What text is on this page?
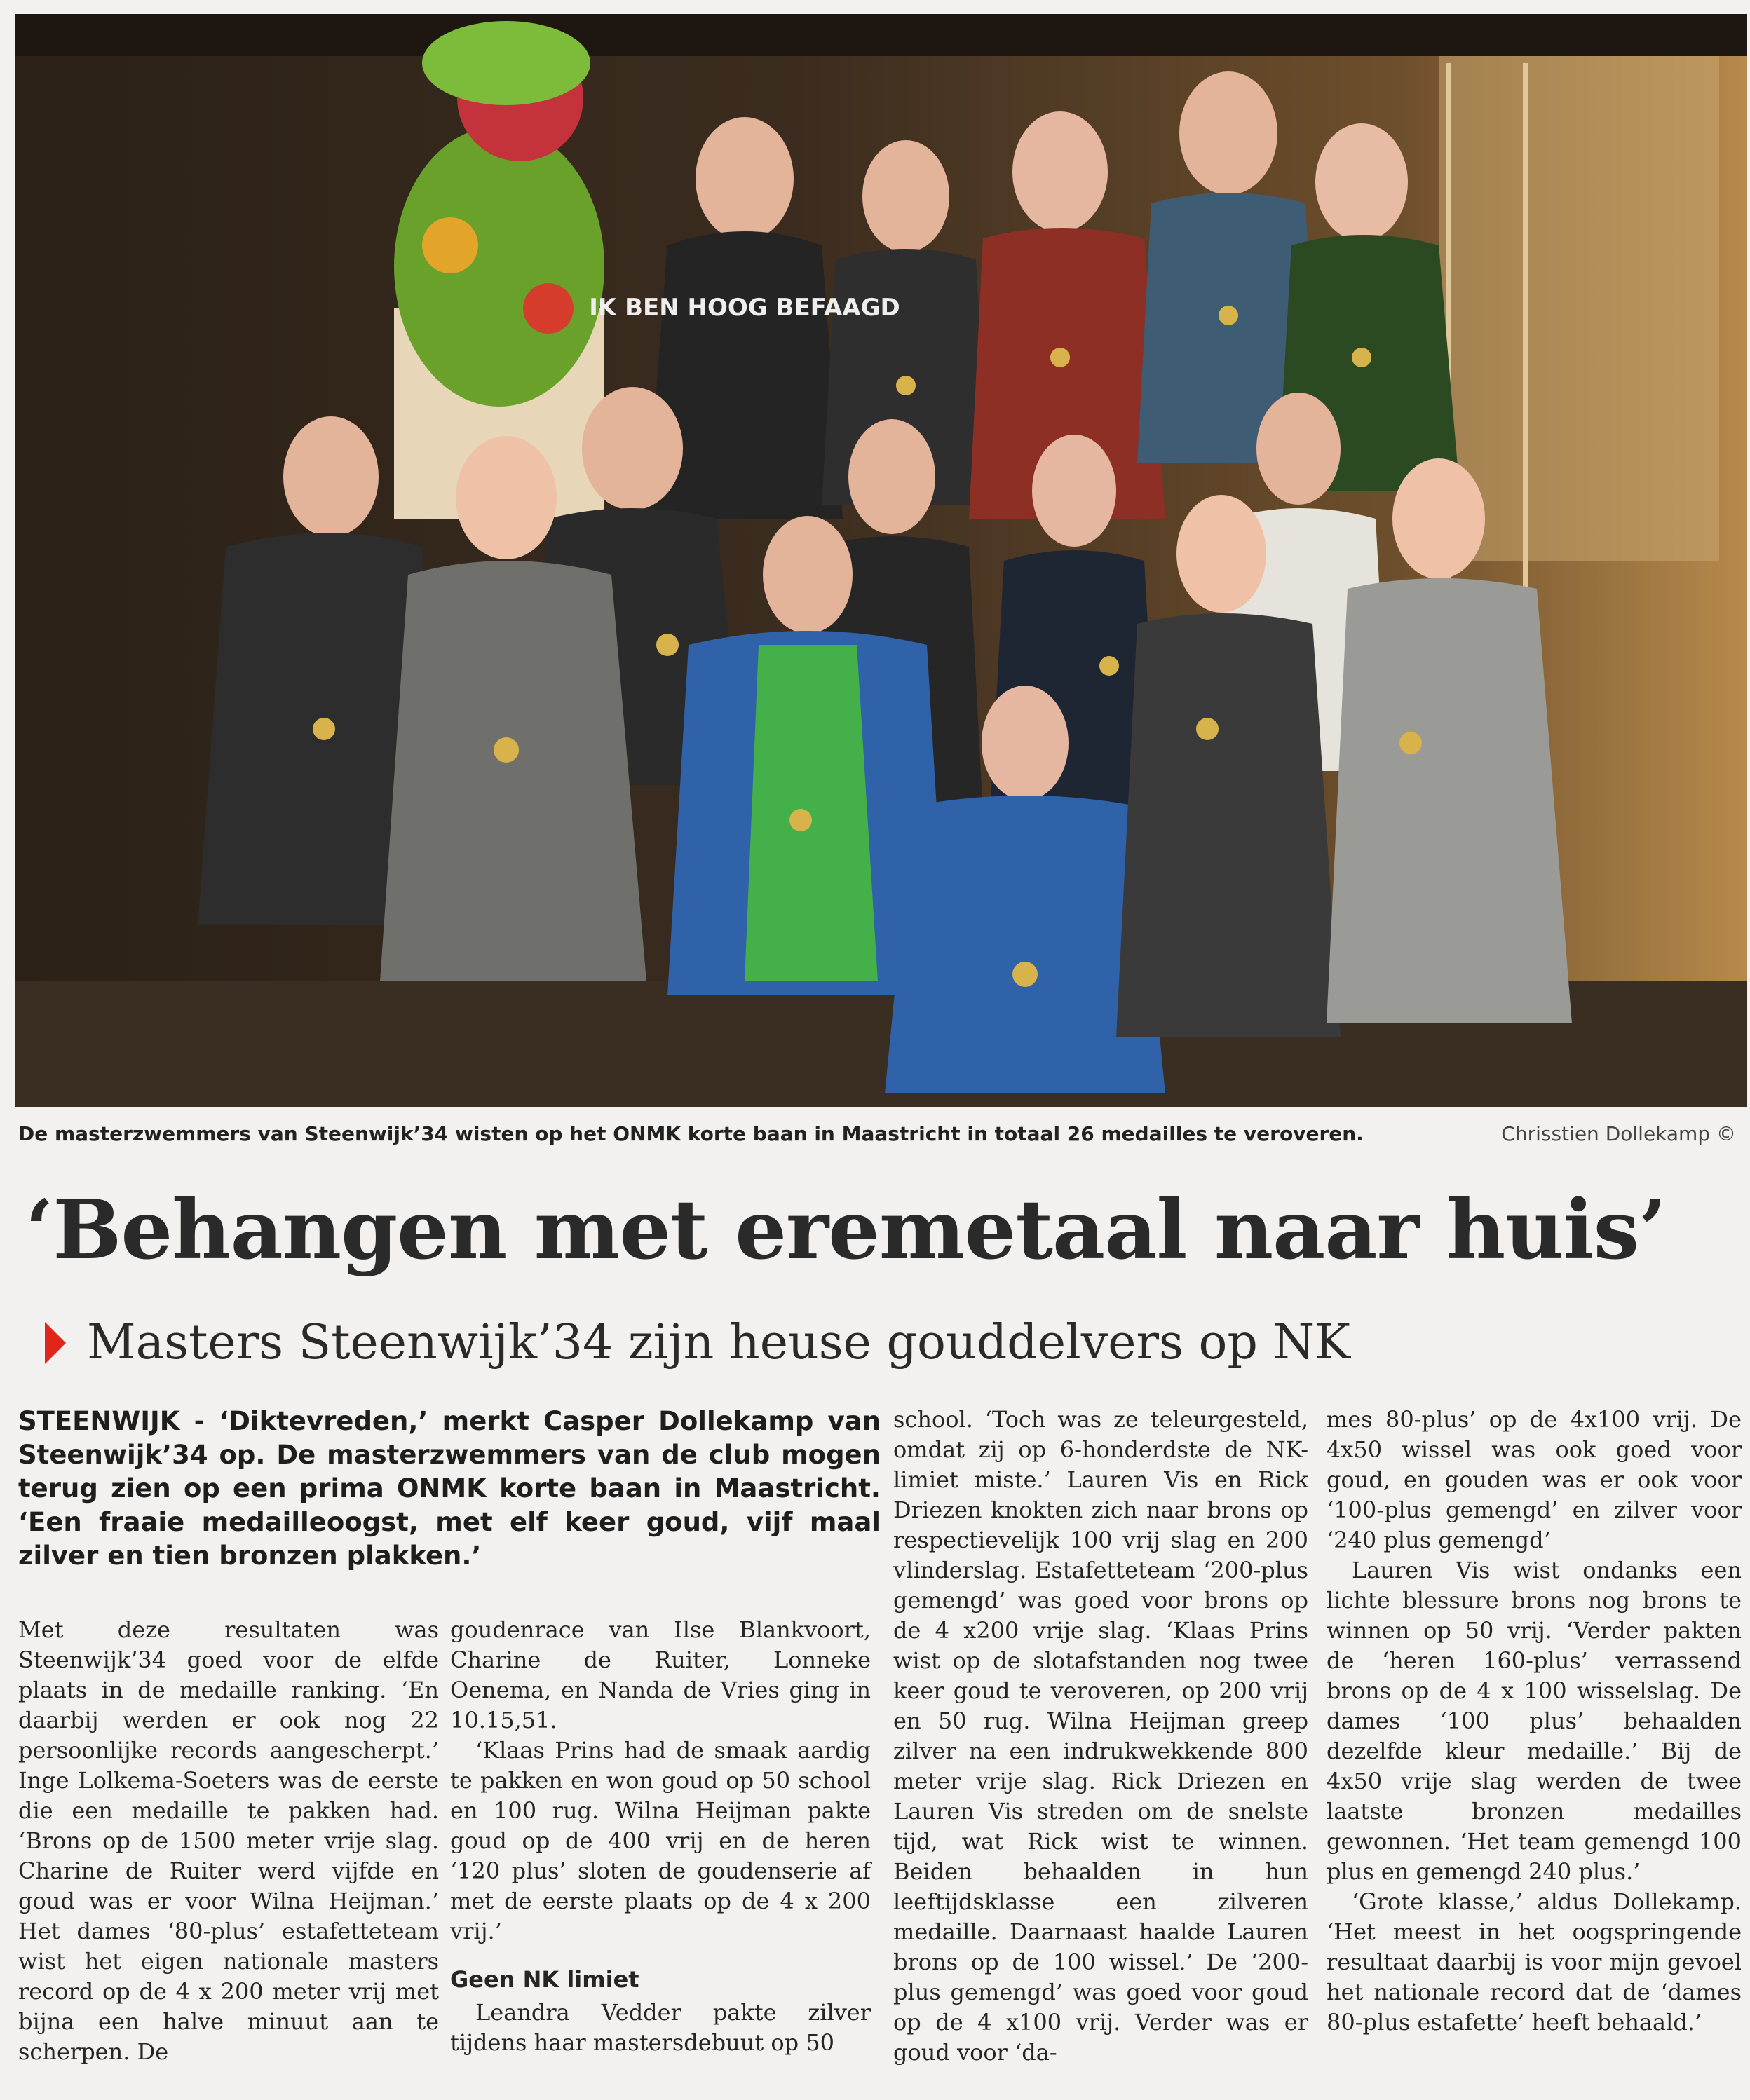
IK BEN HOOG BEFAAGD
De masterzwemmers van Steenwijk’34 wisten op het ONMK korte baan in Maastricht in totaal 26 medailles te veroveren.	Chrisstien Dollekamp ©
‘Behangen met eremetaal naar huis’
Masters Steenwijk’34 zijn heuse gouddelvers op NK
STEENWIJK - ‘Diktevreden,’ merkt Casper Dollekamp van Steenwijk’34 op. De masterzwemmers van de club mogen terug zien op een prima ONMK korte baan in Maastricht. ‘Een fraaie medailleoogst, met elf keer goud, vijf maal zilver en tien bronzen plakken.’

Met deze resultaten was Steenwijk’34 goed voor de elfde plaats in de medaille ranking. ‘En daarbij werden er ook nog 22 persoonlijke records aangescherpt.’ Inge Lolkema-Soeters was de eerste die een medaille te pakken had. ‘Brons op de 1500 meter vrije slag. Charine de Ruiter werd vijfde en goud was er voor Wilna Heijman.’ Het dames ‘80-plus’ estafetteteam wist het eigen nationale masters record op de 4 x 200 meter vrij met bijna een halve minuut aan te scherpen. De

goudenrace van Ilse Blankvoort, Charine de Ruiter, Lonneke Oenema, en Nanda de Vries ging in 10.15,51.

‘Klaas Prins had de smaak aardig te pakken en won goud op 50 school en 100 rug. Wilna Heijman pakte goud op de 400 vrij en de heren ‘120 plus’ sloten de goudenserie af met de eerste plaats op de 4 x 200 vrij.’

Geen NK limiet

Leandra Vedder pakte zilver tijdens haar mastersdebuut op 50

school. ‘Toch was ze teleurgesteld, omdat zij op 6-honderdste de NK-limiet miste.’ Lauren Vis en Rick Driezen knokten zich naar brons op respectievelijk 100 vrij slag en 200 vlinderslag. Estafetteteam ‘200-plus gemengd’ was goed voor brons op de 4 x200 vrije slag. ‘Klaas Prins wist op de slotafstanden nog twee keer goud te veroveren, op 200 vrij en 50 rug. Wilna Heijman greep zilver na een indrukwekkende 800 meter vrije slag. Rick Driezen en Lauren Vis streden om de snelste tijd, wat Rick wist te winnen. Beiden behaalden in hun leeftijdsklasse een zilveren medaille. Daarnaast haalde Lauren brons op de 100 wissel.’ De ‘200-plus gemengd’ was goed voor goud op de 4 x100 vrij. Verder was er goud voor ‘da-

mes 80-plus’ op de 4x100 vrij. De 4x50 wissel was ook goed voor goud, en gouden was er ook voor ‘100-plus gemengd’ en zilver voor ‘240 plus gemengd’

Lauren Vis wist ondanks een lichte blessure brons nog brons te winnen op 50 vrij. ‘Verder pakten de ‘heren 160-plus’ verrassend brons op de 4 x 100 wisselslag. De dames ‘100 plus’ behaalden dezelfde kleur medaille.’ Bij de 4x50 vrije slag werden de twee laatste bronzen medailles gewonnen. ‘Het team gemengd 100 plus en gemengd 240 plus.’

‘Grote klasse,’ aldus Dollekamp. ‘Het meest in het oogspringende resultaat daarbij is voor mijn gevoel het nationale record dat de ‘dames 80-plus estafette’ heeft behaald.’
